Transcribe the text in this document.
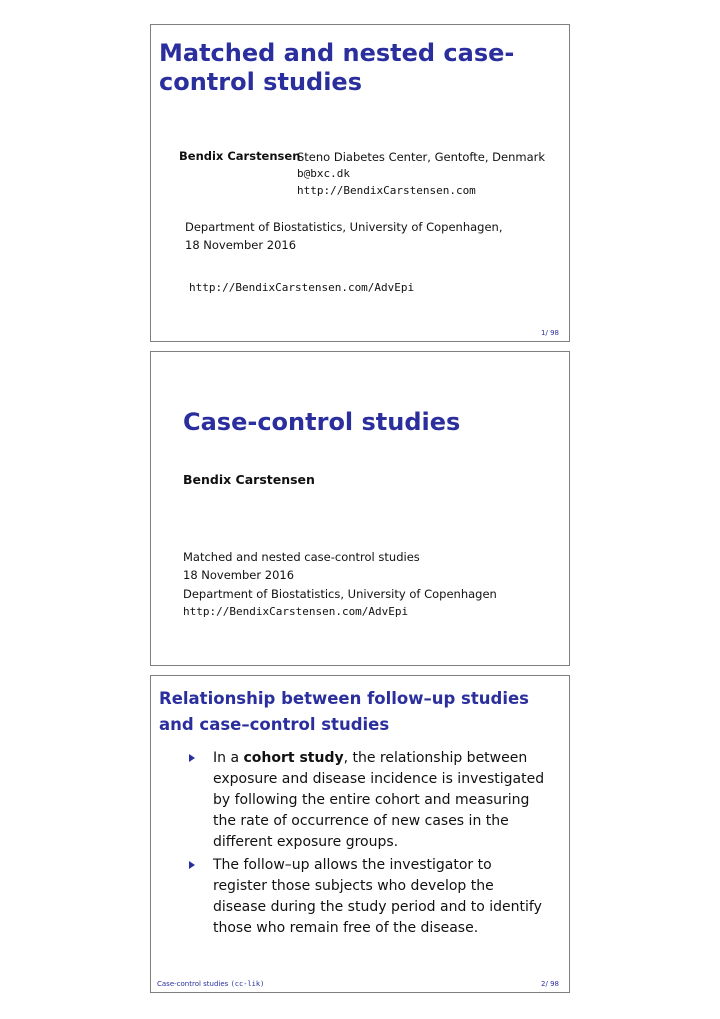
Matched and nested case-control studies
Bendix Carstensen
Steno Diabetes Center, Gentofte, Denmark
b@bxc.dk
http://BendixCarstensen.com
Department of Biostatistics, University of Copenhagen,
18 November 2016
http://BendixCarstensen.com/AdvEpi
1/ 98
Case-control studies
Bendix Carstensen
Matched and nested case-control studies
18 November 2016
Department of Biostatistics, University of Copenhagen
http://BendixCarstensen.com/AdvEpi
Relationship between follow–up studies and case–control studies
In a cohort study, the relationship between exposure and disease incidence is investigated by following the entire cohort and measuring the rate of occurrence of new cases in the different exposure groups.
The follow–up allows the investigator to register those subjects who develop the disease during the study period and to identify those who remain free of the disease.
Case-control studies (cc-lik)	2/ 98
